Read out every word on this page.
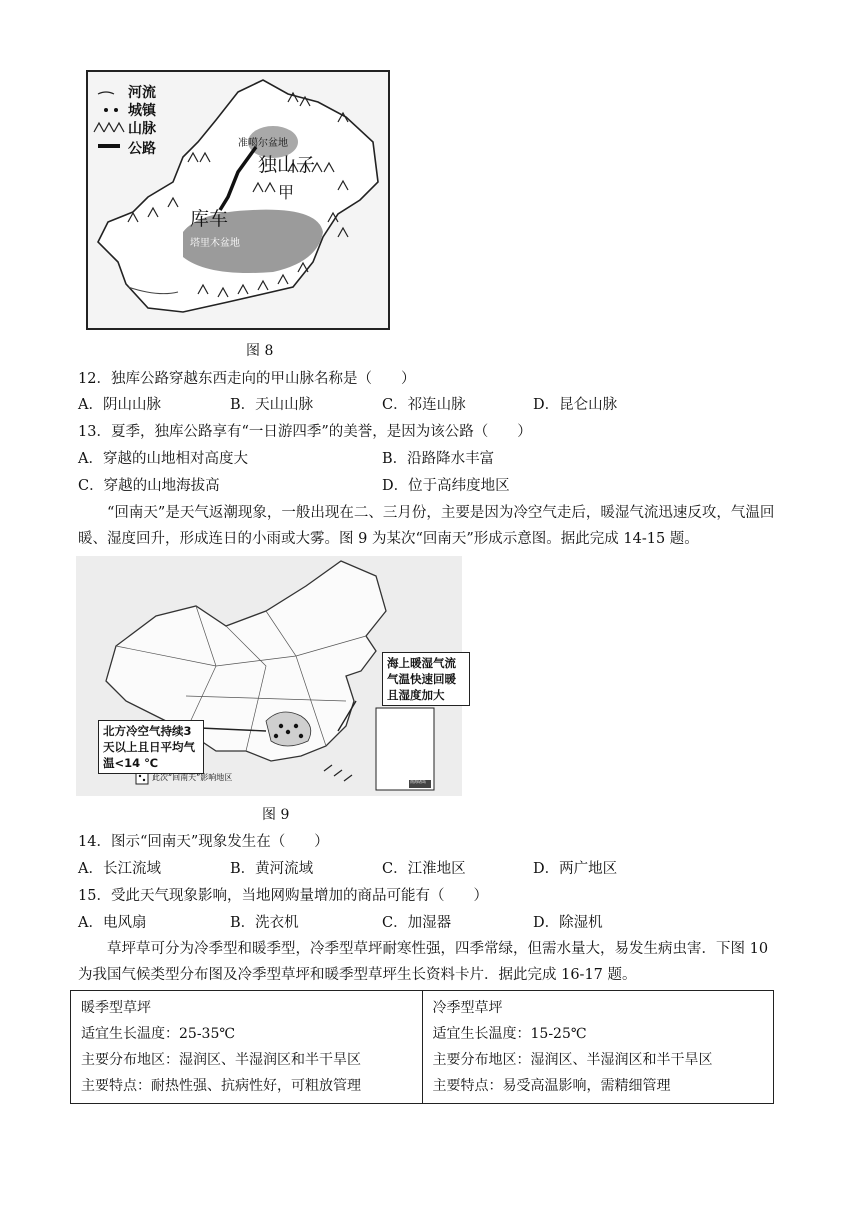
河流
城镇
山脉
公路	准噶尔盆地
独山子
甲
库车
塔里木盆地
图 8
12．独库公路穿越东西走向的甲山脉名称是（　　）
A．阴山山脉	B．天山山脉	C．祁连山脉	D．昆仑山脉
13．夏季，独库公路享有“一日游四季”的美誉，是因为该公路（　　）
A．穿越的山地相对高度大	B．沿路降水丰富
C．穿越的山地海拔高	D．位于高纬度地区
“回南天”是天气返潮现象，一般出现在二、三月份，主要是因为冷空气走后，暖湿气流迅速反攻，气温回暖、湿度回升，形成连日的小雨或大雾。图 9 为某次“回南天”形成示意图。据此完成 14-15 题。
海上暖湿气流气温快速回暖且湿度加大
北方冷空气持续3天以上且日平均气温<14 ℃
此次“回南天”影响地区	南海诸岛
图 9
14．图示“回南天”现象发生在（　　）
A．长江流域	B．黄河流域	C．江淮地区	D．两广地区
15．受此天气现象影响，当地网购量增加的商品可能有（　　）
A．电风扇	B．洗衣机	C．加湿器	D．除湿机
草坪草可分为冷季型和暖季型，冷季型草坪耐寒性强，四季常绿，但需水量大，易发生病虫害．下图 10 为我国气候类型分布图及冷季型草坪和暖季型草坪生长资料卡片．据此完成 16-17 题。
暖季型草坪
适宜生长温度：25-35℃
主要分布地区：湿润区、半湿润区和半干旱区
主要特点：耐热性强、抗病性好，可粗放管理

冷季型草坪
适宜生长温度：15-25℃
主要分布地区：湿润区、半湿润区和半干旱区
主要特点：易受高温影响，需精细管理
